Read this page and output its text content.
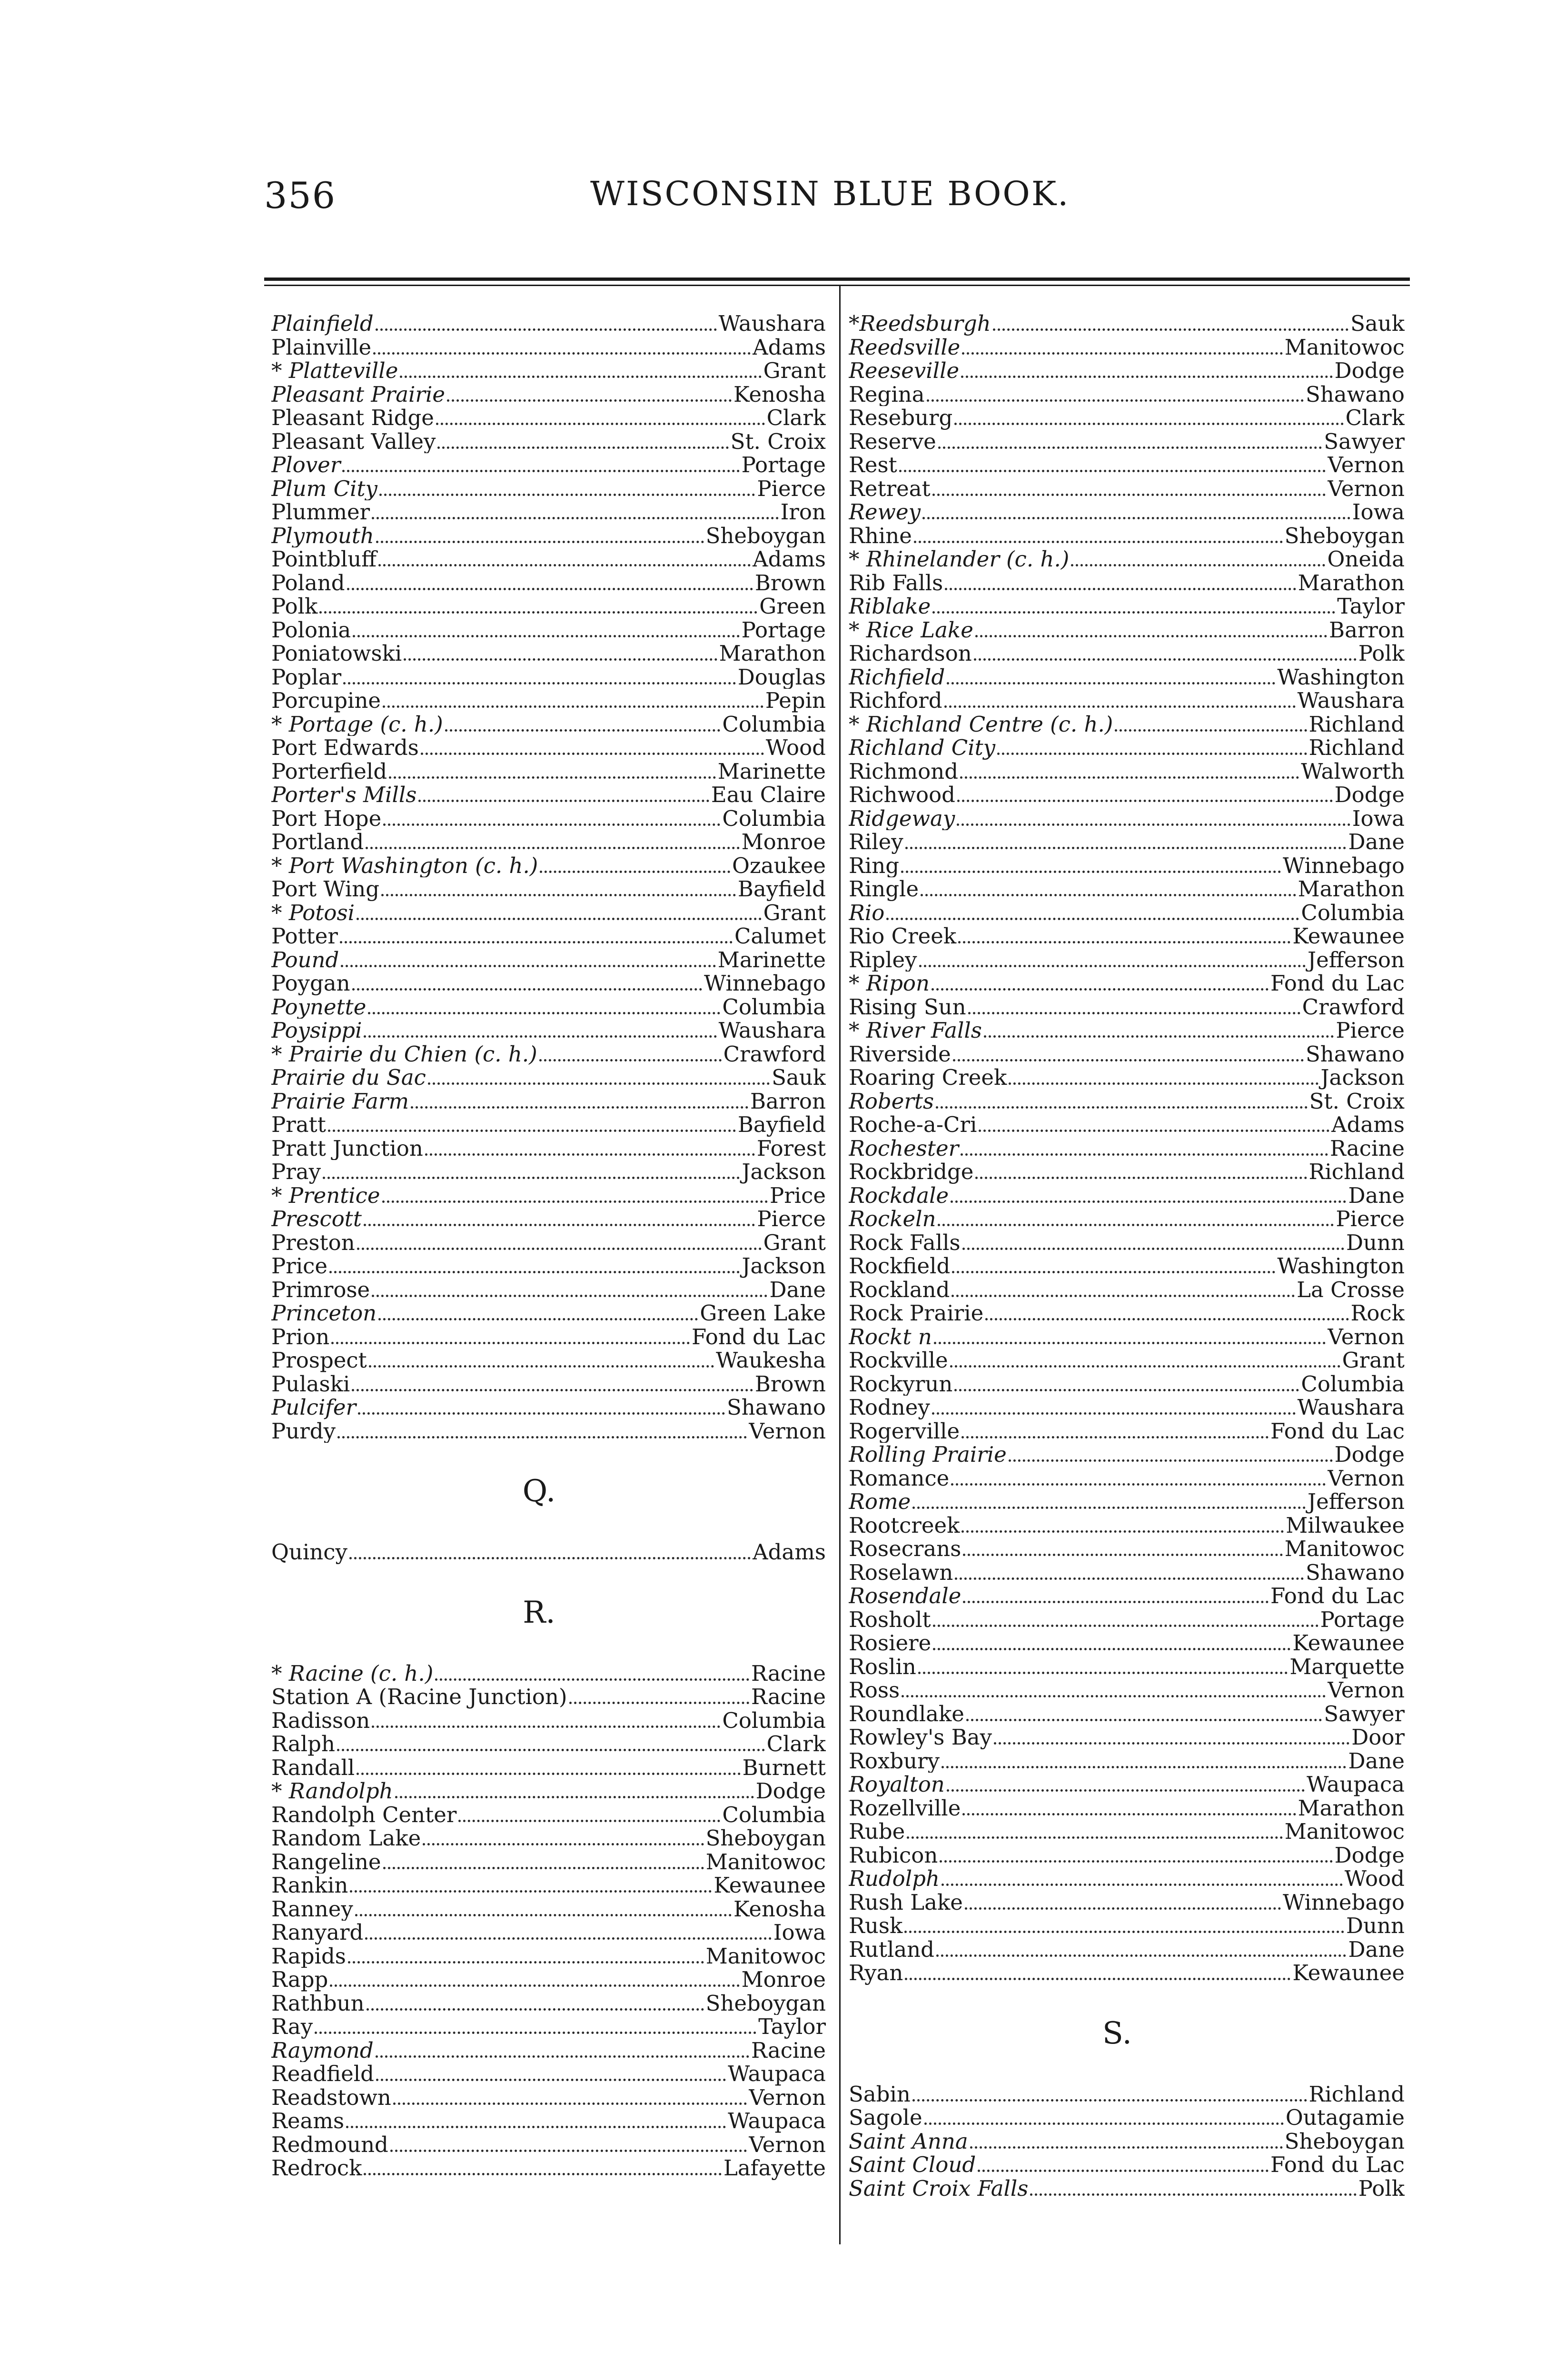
356	WISCONSIN BLUE BOOK.
Plainfield	Waushara
Plainville	Adams
* Platteville	Grant
Pleasant Prairie	Kenosha
Pleasant Ridge	Clark
Pleasant Valley	St. Croix
Plover	Portage
Plum City	Pierce
Plummer	Iron
Plymouth	Sheboygan
Pointbluff	Adams
Poland	Brown
Polk	Green
Polonia	Portage
Poniatowski	Marathon
Poplar	Douglas
Porcupine	Pepin
* Portage (c. h.)	Columbia
Port Edwards	Wood
Porterfield	Marinette
Porter's Mills	Eau Claire
Port Hope	Columbia
Portland	Monroe
* Port Washington (c. h.)	Ozaukee
Port Wing	Bayfield
* Potosi	Grant
Potter	Calumet
Pound	Marinette
Poygan	Winnebago
Poynette	Columbia
Poysippi	Waushara
* Prairie du Chien (c. h.)	Crawford
Prairie du Sac	Sauk
Prairie Farm	Barron
Pratt	Bayfield
Pratt Junction	Forest
Pray	Jackson
* Prentice	Price
Prescott	Pierce
Preston	Grant
Price	Jackson
Primrose	Dane
Princeton	Green Lake
Prion	Fond du Lac
Prospect	Waukesha
Pulaski	Brown
Pulcifer	Shawano
Purdy	Vernon
Q.
Quincy	Adams
R.
* Racine (c. h.)	Racine
Station A (Racine Junction)	Racine
Radisson	Columbia
Ralph	Clark
Randall	Burnett
* Randolph	Dodge
Randolph Center	Columbia
Random Lake	Sheboygan
Rangeline	Manitowoc
Rankin	Kewaunee
Ranney	Kenosha
Ranyard	Iowa
Rapids	Manitowoc
Rapp	Monroe
Rathbun	Sheboygan
Ray	Taylor
Raymond	Racine
Readfield	Waupaca
Readstown	Vernon
Reams	Waupaca
Redmound	Vernon
Redrock	Lafayette
*Reedsburgh	Sauk
Reedsville	Manitowoc
Reeseville	Dodge
Regina	Shawano
Reseburg	Clark
Reserve	Sawyer
Rest	Vernon
Retreat	Vernon
Rewey	Iowa
Rhine	Sheboygan
* Rhinelander (c. h.)	Oneida
Rib Falls	Marathon
Riblake	Taylor
* Rice Lake	Barron
Richardson	Polk
Richfield	Washington
Richford	Waushara
* Richland Centre (c. h.)	Richland
Richland City	Richland
Richmond	Walworth
Richwood	Dodge
Ridgeway	Iowa
Riley	Dane
Ring	Winnebago
Ringle	Marathon
Rio	Columbia
Rio Creek	Kewaunee
Ripley	Jefferson
* Ripon	Fond du Lac
Rising Sun	Crawford
* River Falls	Pierce
Riverside	Shawano
Roaring Creek	Jackson
Roberts	St. Croix
Roche-a-Cri	Adams
Rochester	Racine
Rockbridge	Richland
Rockdale	Dane
Rockeln	Pierce
Rock Falls	Dunn
Rockfield	Washington
Rockland	La Crosse
Rock Prairie	Rock
Rockt n	Vernon
Rockville	Grant
Rockyrun	Columbia
Rodney	Waushara
Rogerville	Fond du Lac
Rolling Prairie	Dodge
Romance	Vernon
Rome	Jefferson
Rootcreek	Milwaukee
Rosecrans	Manitowoc
Roselawn	Shawano
Rosendale	Fond du Lac
Rosholt	Portage
Rosiere	Kewaunee
Roslin	Marquette
Ross	Vernon
Roundlake	Sawyer
Rowley's Bay	Door
Roxbury	Dane
Royalton	Waupaca
Rozellville	Marathon
Rube	Manitowoc
Rubicon	Dodge
Rudolph	Wood
Rush Lake	Winnebago
Rusk	Dunn
Rutland	Dane
Ryan	Kewaunee
S.
Sabin	Richland
Sagole	Outagamie
Saint Anna	Sheboygan
Saint Cloud	Fond du Lac
Saint Croix Falls	Polk
